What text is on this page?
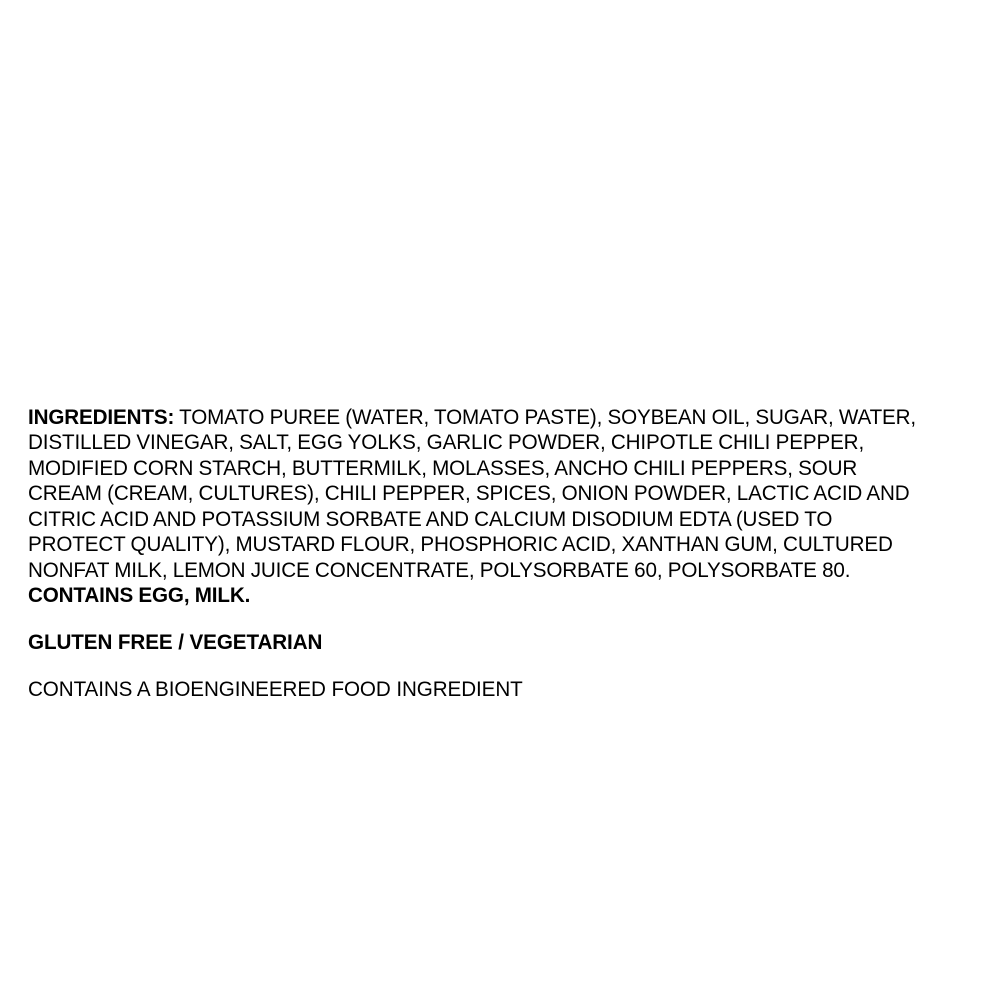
INGREDIENTS: TOMATO PUREE (WATER, TOMATO PASTE), SOYBEAN OIL, SUGAR, WATER, DISTILLED VINEGAR, SALT, EGG YOLKS, GARLIC POWDER, CHIPOTLE CHILI PEPPER, MODIFIED CORN STARCH, BUTTERMILK, MOLASSES, ANCHO CHILI PEPPERS, SOUR CREAM (CREAM, CULTURES), CHILI PEPPER, SPICES, ONION POWDER, LACTIC ACID AND CITRIC ACID AND POTASSIUM SORBATE AND CALCIUM DISODIUM EDTA (USED TO PROTECT QUALITY), MUSTARD FLOUR, PHOSPHORIC ACID, XANTHAN GUM, CULTURED NONFAT MILK, LEMON JUICE CONCENTRATE, POLYSORBATE 60, POLYSORBATE 80. CONTAINS EGG, MILK.

GLUTEN FREE / VEGETARIAN

CONTAINS A BIOENGINEERED FOOD INGREDIENT
